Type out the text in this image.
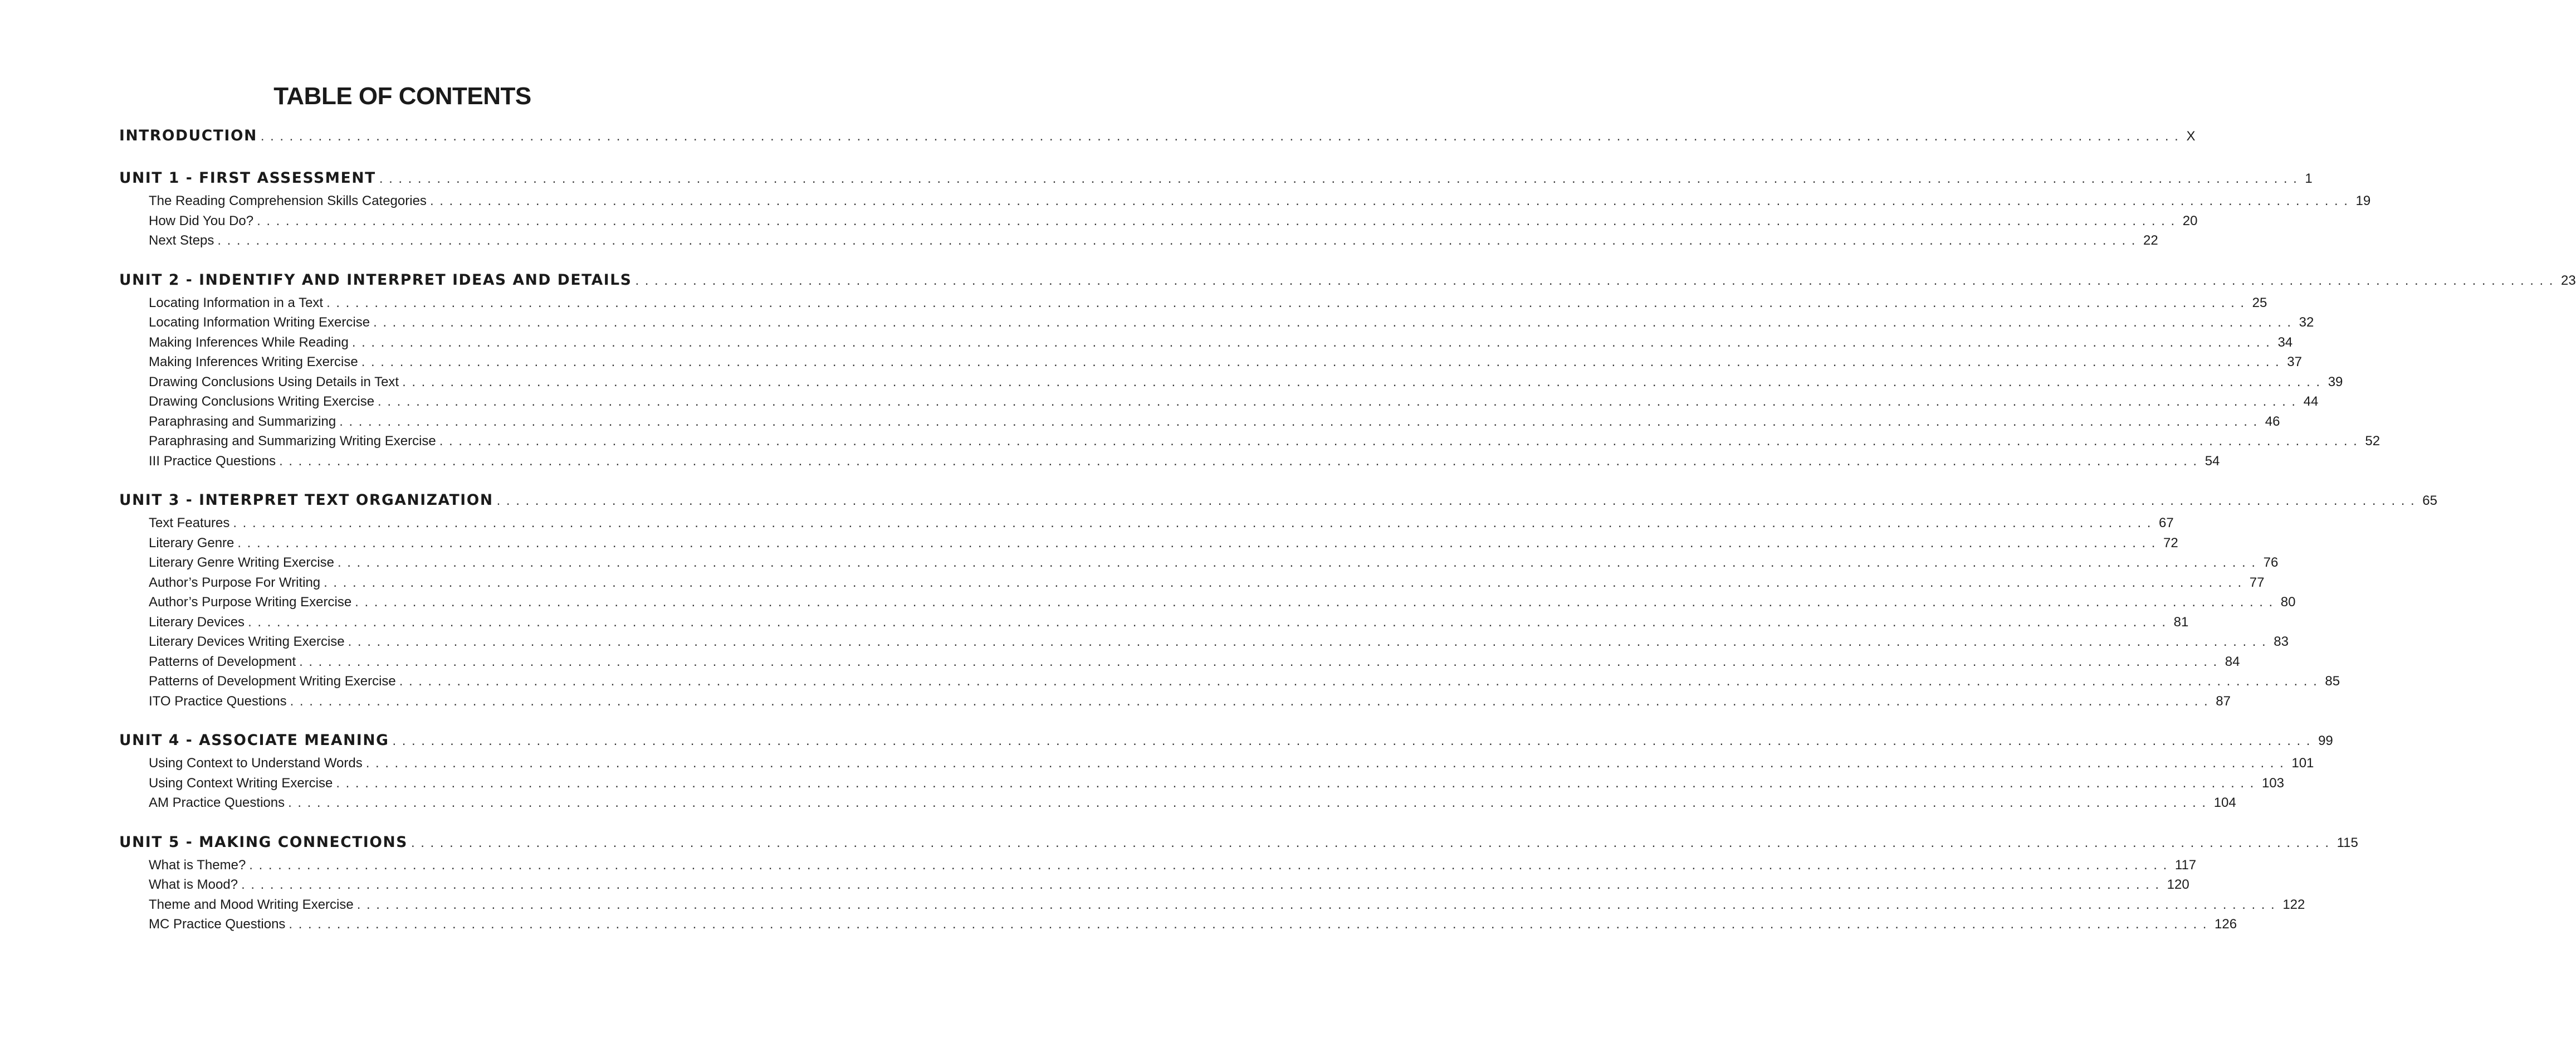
TABLE OF CONTENTS
INTRODUCTION ........................................................................................................................................................................................................ X
UNIT 1 - FIRST ASSESSMENT ........................................................................................................................................................................................................ 1
The Reading Comprehension Skills Categories ........................................................................................................................................................................................................ 19
How Did You Do? ........................................................................................................................................................................................................ 20
Next Steps ........................................................................................................................................................................................................ 22
UNIT 2 - INDENTIFY AND INTERPRET IDEAS AND DETAILS ........................................................................................................................................................................................................ 23
Locating Information in a Text ........................................................................................................................................................................................................ 25
Locating Information Writing Exercise ........................................................................................................................................................................................................ 32
Making Inferences While Reading ........................................................................................................................................................................................................ 34
Making Inferences Writing Exercise ........................................................................................................................................................................................................ 37
Drawing Conclusions Using Details in Text ........................................................................................................................................................................................................ 39
Drawing Conclusions Writing Exercise ........................................................................................................................................................................................................ 44
Paraphrasing and Summarizing ........................................................................................................................................................................................................ 46
Paraphrasing and Summarizing Writing Exercise ........................................................................................................................................................................................................ 52
III Practice Questions ........................................................................................................................................................................................................ 54
UNIT 3 - INTERPRET TEXT ORGANIZATION ........................................................................................................................................................................................................ 65
Text Features ........................................................................................................................................................................................................ 67
Literary Genre ........................................................................................................................................................................................................ 72
Literary Genre Writing Exercise ........................................................................................................................................................................................................ 76
Author’s Purpose For Writing ........................................................................................................................................................................................................ 77
Author’s Purpose Writing Exercise ........................................................................................................................................................................................................ 80
Literary Devices ........................................................................................................................................................................................................ 81
Literary Devices Writing Exercise ........................................................................................................................................................................................................ 83
Patterns of Development ........................................................................................................................................................................................................ 84
Patterns of Development Writing Exercise ........................................................................................................................................................................................................ 85
ITO Practice Questions ........................................................................................................................................................................................................ 87
UNIT 4 - ASSOCIATE MEANING ........................................................................................................................................................................................................ 99
Using Context to Understand Words ........................................................................................................................................................................................................ 101
Using Context Writing Exercise ........................................................................................................................................................................................................ 103
AM Practice Questions ........................................................................................................................................................................................................ 104
UNIT 5 - MAKING CONNECTIONS ........................................................................................................................................................................................................ 115
What is Theme? ........................................................................................................................................................................................................ 117
What is Mood? ........................................................................................................................................................................................................ 120
Theme and Mood Writing Exercise ........................................................................................................................................................................................................ 122
MC Practice Questions ........................................................................................................................................................................................................ 126
